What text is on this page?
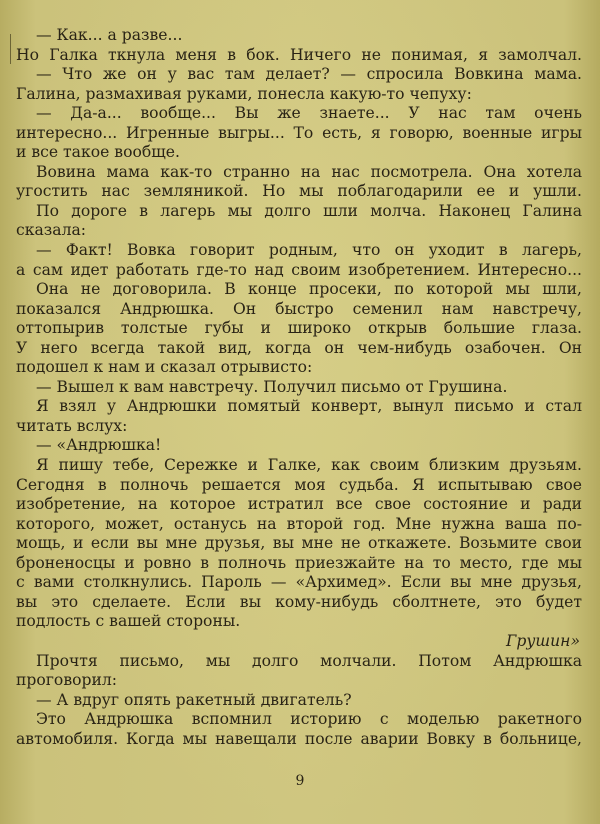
— Как... а разве...
Но Галка ткнула меня в бок. Ничего не понимая, я замолчал.
— Что же он у вас там делает? — спросила Вовкина мама.
Галина, размахивая руками, понесла какую-то чепуху:
— Да-а... вообще... Вы же знаете... У нас там очень
интересно... Игренные выгры... То есть, я говорю, военные игры
и все такое вообще.
Вовина мама как-то странно на нас посмотрела. Она хотела
угостить нас земляникой. Но мы поблагодарили ее и ушли.
По дороге в лагерь мы долго шли молча. Наконец Галина
сказала:
— Факт! Вовка говорит родным, что он уходит в лагерь,
а сам идет работать где-то над своим изобретением. Интересно...
Она не договорила. В конце просеки, по которой мы шли,
показался Андрюшка. Он быстро семенил нам навстречу,
оттопырив толстые губы и широко открыв большие глаза.
У него всегда такой вид, когда он чем-нибудь озабочен. Он
подошел к нам и сказал отрывисто:
— Вышел к вам навстречу. Получил письмо от Грушина.
Я взял у Андрюшки помятый конверт, вынул письмо и стал
читать вслух:
— «Андрюшка!
Я пишу тебе, Сережке и Галке, как своим близким друзьям.
Сегодня в полночь решается моя судьба. Я испытываю свое
изобретение, на которое истратил все свое состояние и ради
которого, может, останусь на второй год. Мне нужна ваша по-
мощь, и если вы мне друзья, вы мне не откажете. Возьмите свои
броненосцы и ровно в полночь приезжайте на то место, где мы
с вами столкнулись. Пароль — «Архимед». Если вы мне друзья,
вы это сделаете. Если вы кому-нибудь сболтнете, это будет
подлость с вашей стороны.
Грушин»
Прочтя письмо, мы долго молчали. Потом Андрюшка
проговорил:
— А вдруг опять ракетный двигатель?
Это Андрюшка вспомнил историю с моделью ракетного
автомобиля. Когда мы навещали после аварии Вовку в больнице,
9
